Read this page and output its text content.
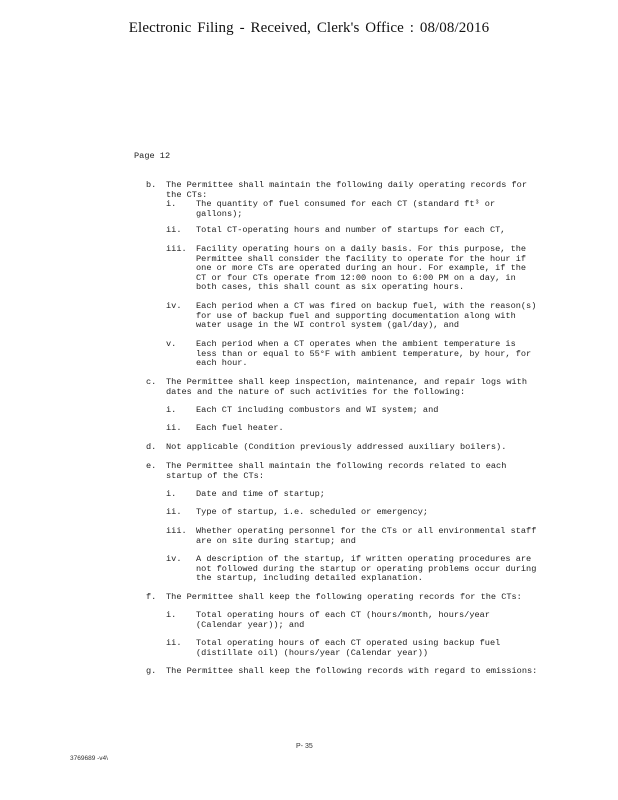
Electronic Filing - Received, Clerk's Office : 08/08/2016
Page 12
b. The Permittee shall maintain the following daily operating records for
the CTs:
i. The quantity of fuel consumed for each CT (standard ft³ or
gallons);
ii. Total CT-operating hours and number of startups for each CT,
iii. Facility operating hours on a daily basis. For this purpose, the
Permittee shall consider the facility to operate for the hour if
one or more CTs are operated during an hour. For example, if the
CT or four CTs operate from 12:00 noon to 6:00 PM on a day, in
both cases, this shall count as six operating hours.
iv. Each period when a CT was fired on backup fuel, with the reason(s)
for use of backup fuel and supporting documentation along with
water usage in the WI control system (gal/day), and
v. Each period when a CT operates when the ambient temperature is
less than or equal to 55°F with ambient temperature, by hour, for
each hour.
c. The Permittee shall keep inspection, maintenance, and repair logs with
dates and the nature of such activities for the following:
i. Each CT including combustors and WI system; and
ii. Each fuel heater.
d. Not applicable (Condition previously addressed auxiliary boilers).
e. The Permittee shall maintain the following records related to each
startup of the CTs:
i. Date and time of startup;
ii. Type of startup, i.e. scheduled or emergency;
iii. Whether operating personnel for the CTs or all environmental staff
are on site during startup; and
iv. A description of the startup, if written operating procedures are
not followed during the startup or operating problems occur during
the startup, including detailed explanation.
f. The Permittee shall keep the following operating records for the CTs:
i. Total operating hours of each CT (hours/month, hours/year
(Calendar year)); and
ii. Total operating hours of each CT operated using backup fuel
(distillate oil) (hours/year (Calendar year))
g. The Permittee shall keep the following records with regard to emissions:
P- 35
3769689 -v4\
